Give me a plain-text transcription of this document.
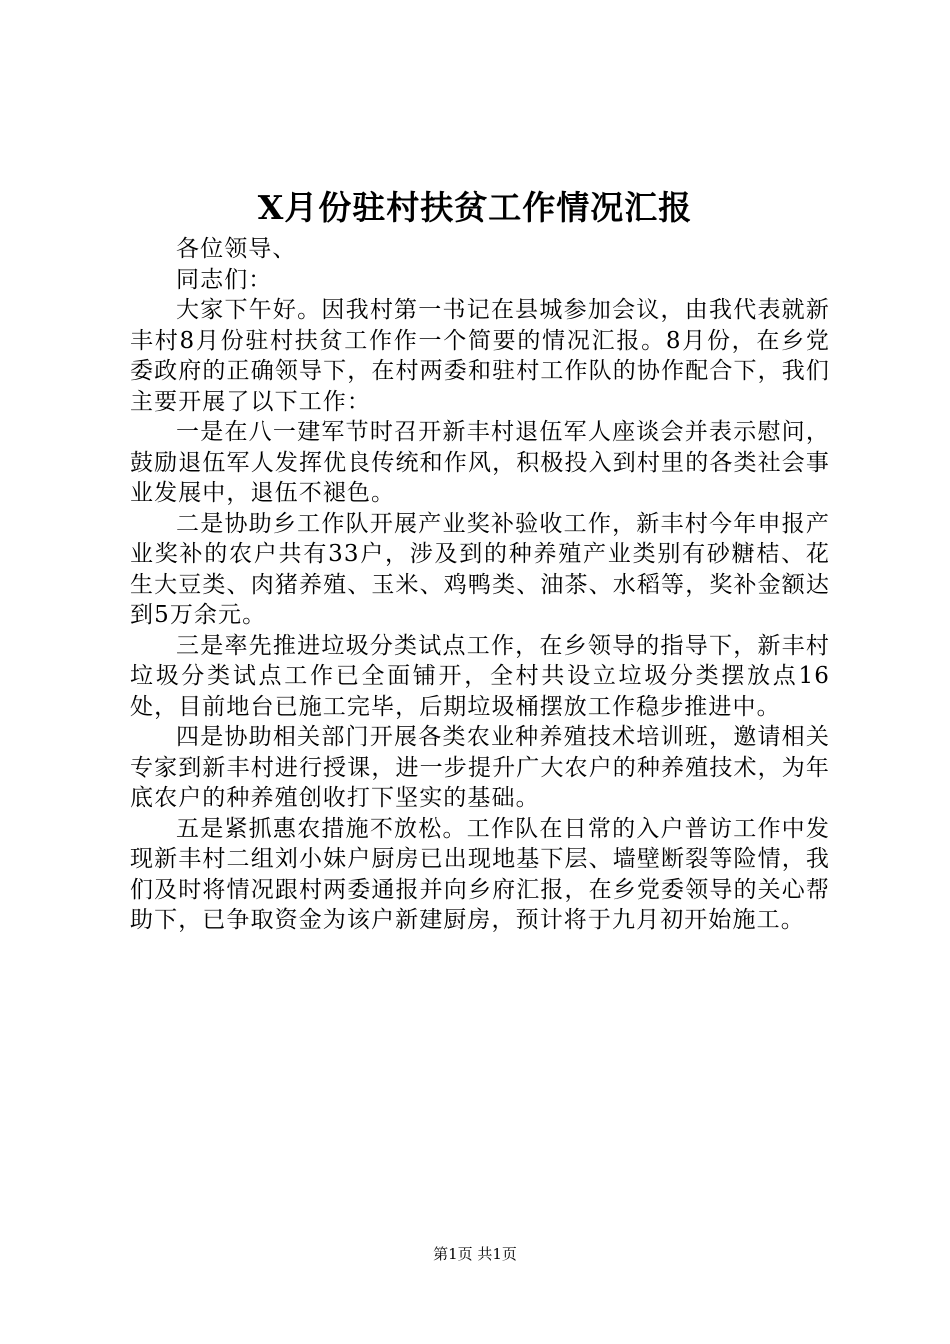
X月份驻村扶贫工作情况汇报

各位领导、

同志们：

大家下午好。因我村第一书记在县城参加会议，由我代表就新丰村8月份驻村扶贫工作作一个简要的情况汇报。8月份，在乡党委政府的正确领导下，在村两委和驻村工作队的协作配合下，我们主要开展了以下工作：

一是在八一建军节时召开新丰村退伍军人座谈会并表示慰问，鼓励退伍军人发挥优良传统和作风，积极投入到村里的各类社会事业发展中，退伍不褪色。

二是协助乡工作队开展产业奖补验收工作，新丰村今年申报产业奖补的农户共有33户，涉及到的种养殖产业类别有砂糖桔、花生大豆类、肉猪养殖、玉米、鸡鸭类、油茶、水稻等，奖补金额达到5万余元。

三是率先推进垃圾分类试点工作，在乡领导的指导下，新丰村垃圾分类试点工作已全面铺开，全村共设立垃圾分类摆放点16处，目前地台已施工完毕，后期垃圾桶摆放工作稳步推进中。

四是协助相关部门开展各类农业种养殖技术培训班，邀请相关专家到新丰村进行授课，进一步提升广大农户的种养殖技术，为年底农户的种养殖创收打下坚实的基础。

五是紧抓惠农措施不放松。工作队在日常的入户普访工作中发现新丰村二组刘小妹户厨房已出现地基下层、墙壁断裂等险情，我们及时将情况跟村两委通报并向乡府汇报，在乡党委领导的关心帮助下，已争取资金为该户新建厨房，预计将于九月初开始施工。

第1页 共1页
